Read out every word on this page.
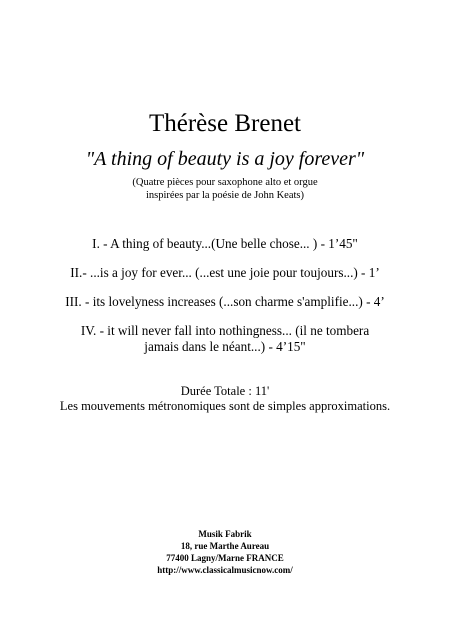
Thérèse Brenet
"A thing of beauty is a joy forever"
(Quatre pièces pour saxophone alto et orgue
inspirées par la poésie de John Keats)
I. - A thing of beauty...(Une belle chose... ) - 1’45"
II.- ...is a joy for ever... (...est une joie pour toujours...) - 1’
III. - its lovelyness increases (...son charme s'amplifie...) - 4’
IV. - it will never fall into nothingness... (il ne tombera jamais dans le néant...) - 4’15"
Durée Totale : 11'
Les mouvements métronomiques sont de simples approximations.
Musik Fabrik
18, rue Marthe Aureau
77400 Lagny/Marne FRANCE
http://www.classicalmusicnow.com/
